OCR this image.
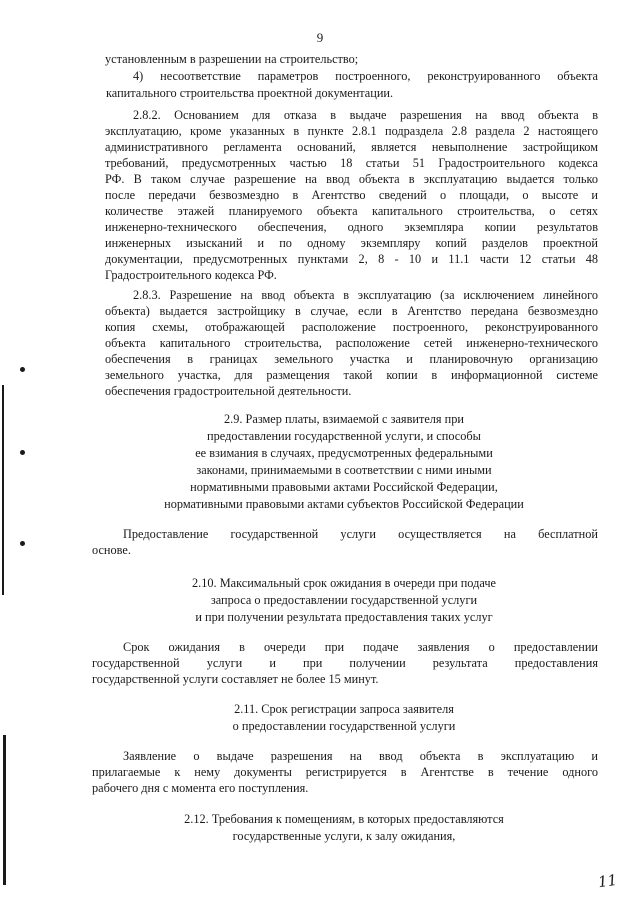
9
установленным в разрешении на строительство;
4) несоответствие параметров построенного, реконструированного объекта
капитального строительства проектной документации.
2.8.2. Основанием для отказа в выдаче разрешения на ввод объекта в
эксплуатацию, кроме указанных в пункте 2.8.1 подраздела 2.8 раздела 2 настоящего
административного регламента оснований, является невыполнение застройщиком
требований, предусмотренных частью 18 статьи 51 Градостроительного кодекса
РФ. В таком случае разрешение на ввод объекта в эксплуатацию выдается только
после передачи безвозмездно в Агентство сведений о площади, о высоте и
количестве этажей планируемого объекта капитального строительства, о сетях
инженерно-технического обеспечения, одного экземпляра копии результатов
инженерных изысканий и по одному экземпляру копий разделов проектной
документации, предусмотренных пунктами 2, 8 - 10 и 11.1 части 12 статьи 48
Градостроительного кодекса РФ.
2.8.3. Разрешение на ввод объекта в эксплуатацию (за исключением линейного
объекта) выдается застройщику в случае, если в Агентство передана безвозмездно
копия схемы, отображающей расположение построенного, реконструированного
объекта капитального строительства, расположение сетей инженерно-технического
обеспечения в границах земельного участка и планировочную организацию
земельного участка, для размещения такой копии в информационной системе
обеспечения градостроительной деятельности.
2.9. Размер платы, взимаемой с заявителя при
предоставлении государственной услуги, и способы
ее взимания в случаях, предусмотренных федеральными
законами, принимаемыми в соответствии с ними иными
нормативными правовыми актами Российской Федерации,
нормативными правовыми актами субъектов Российской Федерации
Предоставление государственной услуги осуществляется на бесплатной
основе.
2.10. Максимальный срок ожидания в очереди при подаче
запроса о предоставлении государственной услуги
и при получении результата предоставления таких услуг
Срок ожидания в очереди при подаче заявления о предоставлении
государственной услуги и при получении результата предоставления
государственной услуги составляет не более 15 минут.
2.11. Срок регистрации запроса заявителя
о предоставлении государственной услуги
Заявление о выдаче разрешения на ввод объекта в эксплуатацию и
прилагаемые к нему документы регистрируется в Агентстве в течение одного
рабочего дня с момента его поступления.
2.12. Требования к помещениям, в которых предоставляются
государственные услуги, к залу ожидания,
11
